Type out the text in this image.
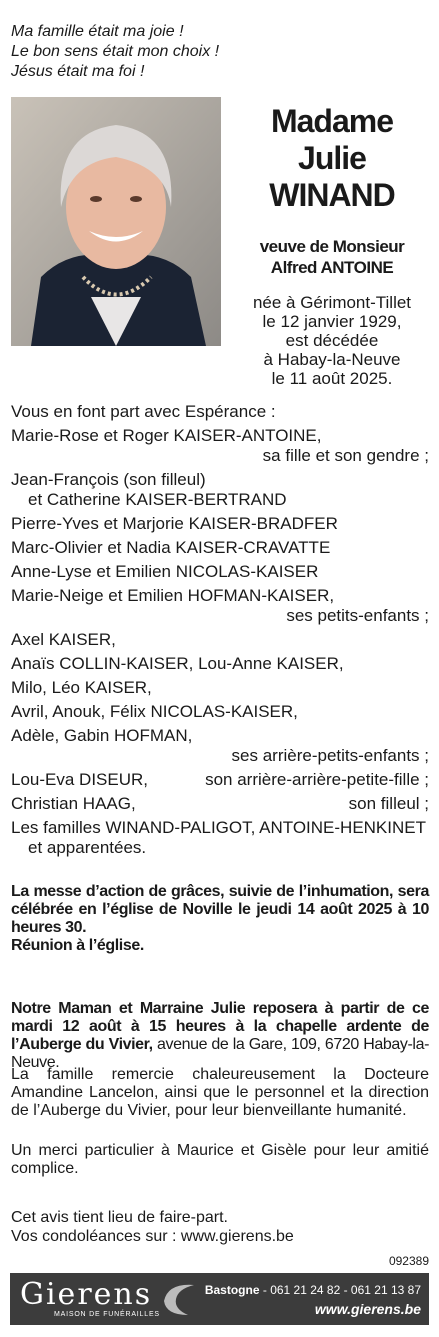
Ma famille était ma joie !
Le bon sens était mon choix !
Jésus était ma foi !
Madame
Julie
WINAND
veuve de Monsieur
Alfred ANTOINE
née à Gérimont-Tillet
le 12 janvier 1929,
est décédée
à Habay-la-Neuve
le 11 août 2025.
Vous en font part avec Espérance :
Marie-Rose et Roger KAISER-ANTOINE,
sa fille et son gendre ;
Jean-François (son filleul)
et Catherine KAISER-BERTRAND
Pierre-Yves et Marjorie KAISER-BRADFER
Marc-Olivier et Nadia KAISER-CRAVATTE
Anne-Lyse et Emilien NICOLAS-KAISER
Marie-Neige et Emilien HOFMAN-KAISER,
ses petits-enfants ;
Axel KAISER,
Anaïs COLLIN-KAISER, Lou-Anne KAISER,
Milo, Léo KAISER,
Avril, Anouk, Félix NICOLAS-KAISER,
Adèle, Gabin HOFMAN,
ses arrière-petits-enfants ;
Lou-Eva DISEUR,	son arrière-arrière-petite-fille ;
Christian HAAG,	son filleul ;
Les familles WINAND-PALIGOT, ANTOINE-HENKINET
et apparentées.
La messe d’action de grâces, suivie de l’inhumation, sera célébrée en l’église de Noville le jeudi 14 août 2025 à 10 heures 30.
Réunion à l’église.
Notre Maman et Marraine Julie reposera à partir de ce mardi 12 août à 15 heures à la chapelle ardente de l’Auberge du Vivier, avenue de la Gare, 109, 6720 Habay-la-Neuve.
La famille remercie chaleureusement la Docteure Amandine Lancelon, ainsi que le personnel et la direction de l’Auberge du Vivier, pour leur bienveillante humanité.
Un merci particulier à Maurice et Gisèle pour leur amitié complice.
Cet avis tient lieu de faire-part.
Vos condoléances sur : www.gierens.be
092389
Gierens
MAISON DE FUNÉRAILLES
Bastogne - 061 21 24 82 - 061 21 13 87
www.gierens.be
